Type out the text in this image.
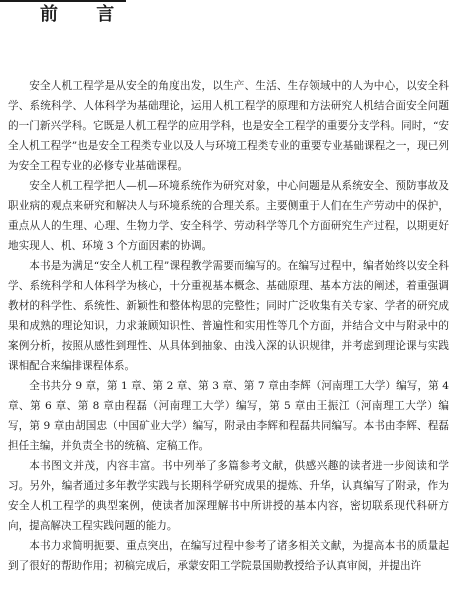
前 言

安全人机工程学是从安全的角度出发，以生产、生活、生存领域中的人为中心，以安全科学、系统科学、人体科学为基础理论，运用人机工程学的原理和方法研究人机结合面安全问题的一门新兴学科。它既是人机工程学的应用学科，也是安全工程学的重要分支学科。同时，“安全人机工程学”也是安全工程类专业以及人与环境工程类专业的重要专业基础课程之一，现已列为安全工程专业的必修专业基础课程。

安全人机工程学把人—机—环境系统作为研究对象，中心问题是从系统安全、预防事故及职业病的观点来研究和解决人与环境系统的合理关系。主要侧重于人们在生产劳动中的保护，重点从人的生理、心理、生物力学、安全科学、劳动科学等几个方面研究生产过程，以期更好地实现人、机、环境 3 个方面因素的协调。

本书是为满足“安全人机工程”课程教学需要而编写的。在编写过程中，编者始终以安全科学、系统科学和人体科学为核心，十分重视基本概念、基础原理、基本方法的阐述，着重强调教材的科学性、系统性、新颖性和整体构思的完整性；同时广泛收集有关专家、学者的研究成果和成熟的理论知识，力求兼顾知识性、普遍性和实用性等几个方面，并结合文中与附录中的案例分析，按照从感性到理性、从具体到抽象、由浅入深的认识规律，并考虑到理论课与实践课相配合来编排课程体系。

全书共分 9 章，第 1 章、第 2 章、第 3 章、第 7 章由李辉（河南理工大学）编写，第 4 章、第 6 章、第 8 章由程磊（河南理工大学）编写，第 5 章由王振江（河南理工大学）编写，第 9 章由胡国忠（中国矿业大学）编写，附录由李辉和程磊共同编写。本书由李辉、程磊担任主编，并负责全书的统稿、定稿工作。

本书图文并茂，内容丰富。书中列举了多篇参考文献，供感兴趣的读者进一步阅读和学习。另外，编者通过多年教学实践与长期科学研究成果的提炼、升华，认真编写了附录，作为安全人机工程学的典型案例，使读者加深理解书中所讲授的基本内容，密切联系现代科研方向，提高解决工程实践问题的能力。

本书力求简明扼要、重点突出，在编写过程中参考了诸多相关文献，为提高本书的质量起到了很好的帮助作用；初稿完成后，承蒙安阳工学院景国勋教授给予认真审阅，并提出许
